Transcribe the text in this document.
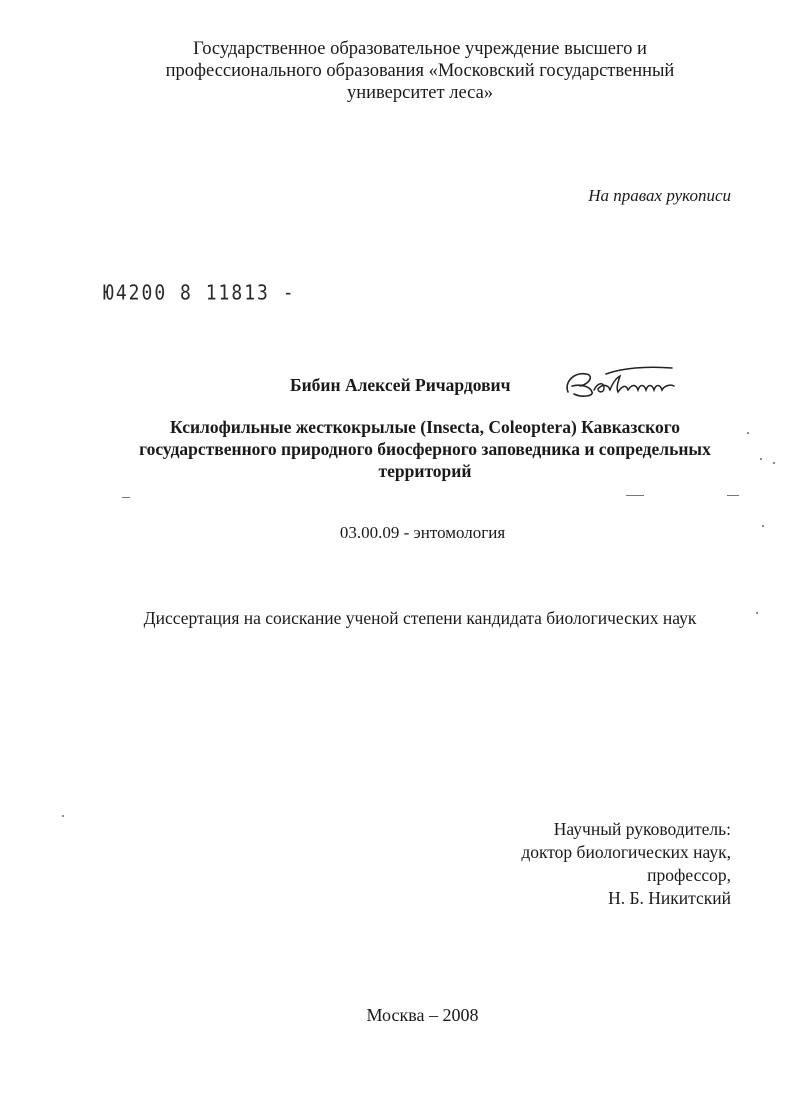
Государственное образовательное учреждение высшего и
профессионального образования «Московский государственный
университет леса»
На правах рукописи
Ю4200 8 11813 -
Бибин Алексей Ричардович
Ксилофильные жесткокрылые (Insecta, Coleoptera) Кавказского
государственного природного биосферного заповедника и сопредельных
территорий
03.00.09 - энтомология
Диссертация на соискание ученой степени кандидата биологических наук
Научный руководитель:
доктор биологических наук,
профессор,
Н. Б. Никитский
Москва – 2008
